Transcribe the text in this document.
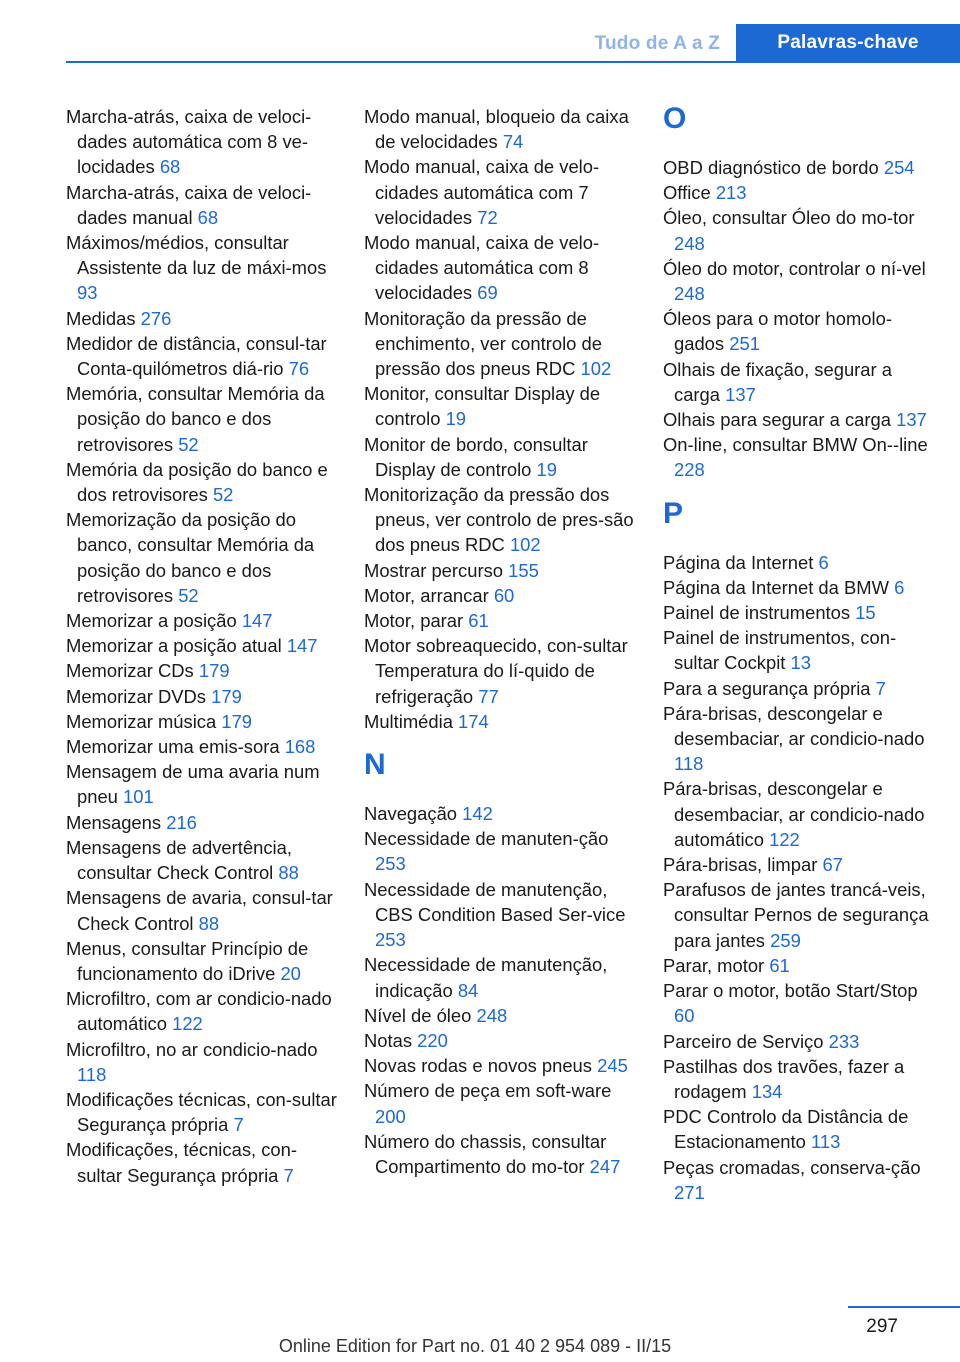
Tudo de A a Z	Palavras-chave
Marcha-atrás, caixa de veloci-dades automática com 8 ve-locidades 68
Marcha-atrás, caixa de veloci-dades manual 68
Máximos/médios, consultar Assistente da luz de máxi-mos 93
Medidas 276
Medidor de distância, consul-tar Conta-quilómetros diá-rio 76
Memória, consultar Memória da posição do banco e dos retrovisores 52
Memória da posição do banco e dos retrovisores 52
Memorização da posição do banco, consultar Memória da posição do banco e dos retrovisores 52
Memorizar a posição 147
Memorizar a posição atual 147
Memorizar CDs 179
Memorizar DVDs 179
Memorizar música 179
Memorizar uma emis-sora 168
Mensagem de uma avaria num pneu 101
Mensagens 216
Mensagens de advertência, consultar Check Control 88
Mensagens de avaria, consul-tar Check Control 88
Menus, consultar Princípio de funcionamento do iDrive 20
Microfiltro, com ar condicio-nado automático 122
Microfiltro, no ar condicio-nado 118
Modificações técnicas, con-sultar Segurança própria 7
Modificações, técnicas, con-sultar Segurança própria 7
Modo manual, bloqueio da caixa de velocidades 74
Modo manual, caixa de velo-cidades automática com 7 velocidades 72
Modo manual, caixa de velo-cidades automática com 8 velocidades 69
Monitoração da pressão de enchimento, ver controlo de pressão dos pneus RDC 102
Monitor, consultar Display de controlo 19
Monitor de bordo, consultar Display de controlo 19
Monitorização da pressão dos pneus, ver controlo de pres-são dos pneus RDC 102
Mostrar percurso 155
Motor, arrancar 60
Motor, parar 61
Motor sobreaquecido, con-sultar Temperatura do lí-quido de refrigeração 77
Multimédia 174
N
Navegação 142
Necessidade de manuten-ção 253
Necessidade de manutenção, CBS Condition Based Ser-vice 253
Necessidade de manutenção, indicação 84
Nível de óleo 248
Notas 220
Novas rodas e novos pneus 245
Número de peça em soft-ware 200
Número do chassis, consultar Compartimento do mo-tor 247
O
OBD diagnóstico de bordo 254
Office 213
Óleo, consultar Óleo do mo-tor 248
Óleo do motor, controlar o ní-vel 248
Óleos para o motor homolo-gados 251
Olhais de fixação, segurar a carga 137
Olhais para segurar a carga 137
On-line, consultar BMW On-‑line 228
P
Página da Internet 6
Página da Internet da BMW 6
Painel de instrumentos 15
Painel de instrumentos, con-sultar Cockpit 13
Para a segurança própria 7
Pára-brisas, descongelar e desembaciar, ar condicio-nado 118
Pára-brisas, descongelar e desembaciar, ar condicio-nado automático 122
Pára-brisas, limpar 67
Parafusos de jantes trancá-veis, consultar Pernos de segurança para jantes 259
Parar, motor 61
Parar o motor, botão Start/Stop 60
Parceiro de Serviço 233
Pastilhas dos travões, fazer a rodagem 134
PDC Controlo da Distância de Estacionamento 113
Peças cromadas, conserva-ção 271
297
Online Edition for Part no. 01 40 2 954 089 - II/15
